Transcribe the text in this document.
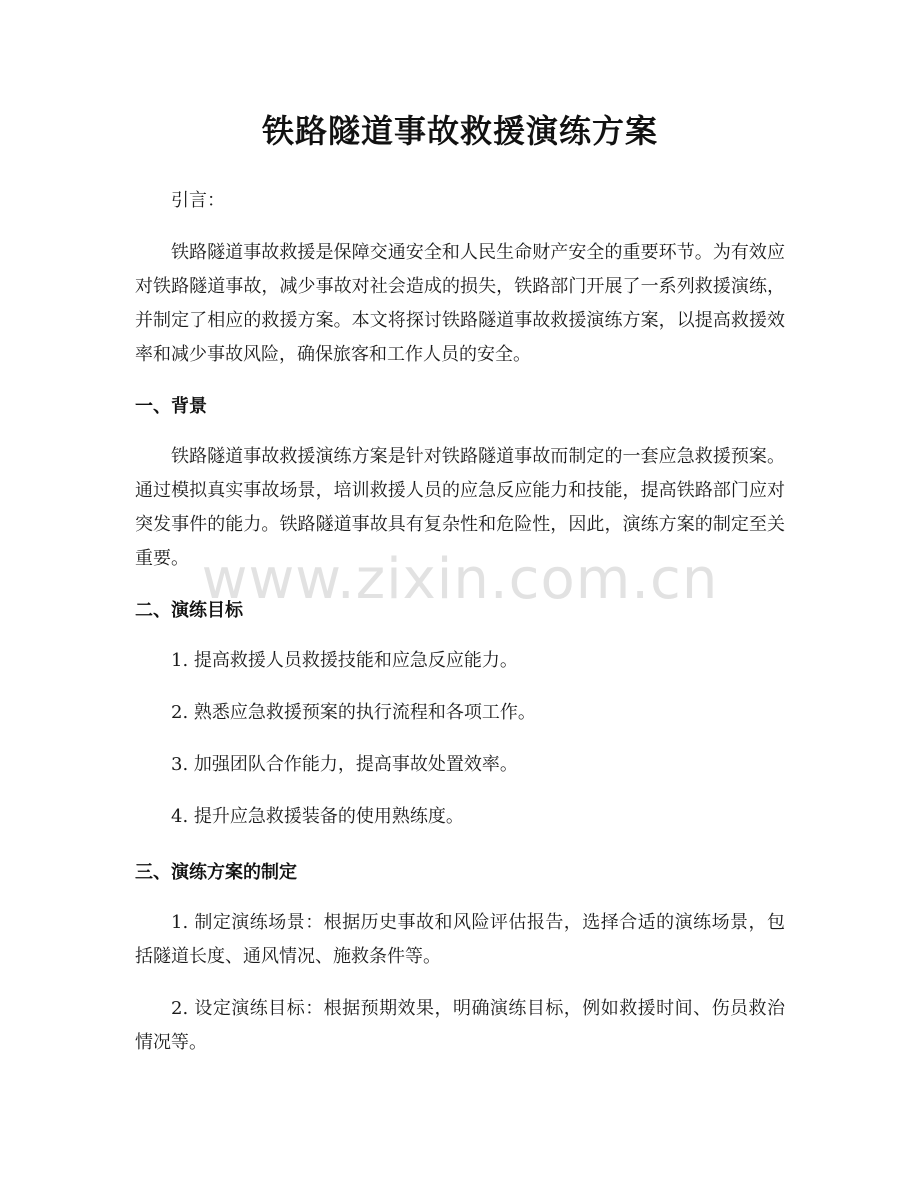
铁路隧道事故救援演练方案

引言：

铁路隧道事故救援是保障交通安全和人民生命财产安全的重要环节。为有效应对铁路隧道事故，减少事故对社会造成的损失，铁路部门开展了一系列救援演练，并制定了相应的救援方案。本文将探讨铁路隧道事故救援演练方案，以提高救援效率和减少事故风险，确保旅客和工作人员的安全。

一、背景

铁路隧道事故救援演练方案是针对铁路隧道事故而制定的一套应急救援预案。通过模拟真实事故场景，培训救援人员的应急反应能力和技能，提高铁路部门应对突发事件的能力。铁路隧道事故具有复杂性和危险性，因此，演练方案的制定至关重要。

二、演练目标
1. 提高救援人员救援技能和应急反应能力。
2. 熟悉应急救援预案的执行流程和各项工作。
3. 加强团队合作能力，提高事故处置效率。
4. 提升应急救援装备的使用熟练度。
三、演练方案的制定
1. 制定演练场景：根据历史事故和风险评估报告，选择合适的演练场景，包括隧道长度、通风情况、施救条件等。
2. 设定演练目标：根据预期效果，明确演练目标，例如救援时间、伤员救治情况等。
www.zixin.com.cn
